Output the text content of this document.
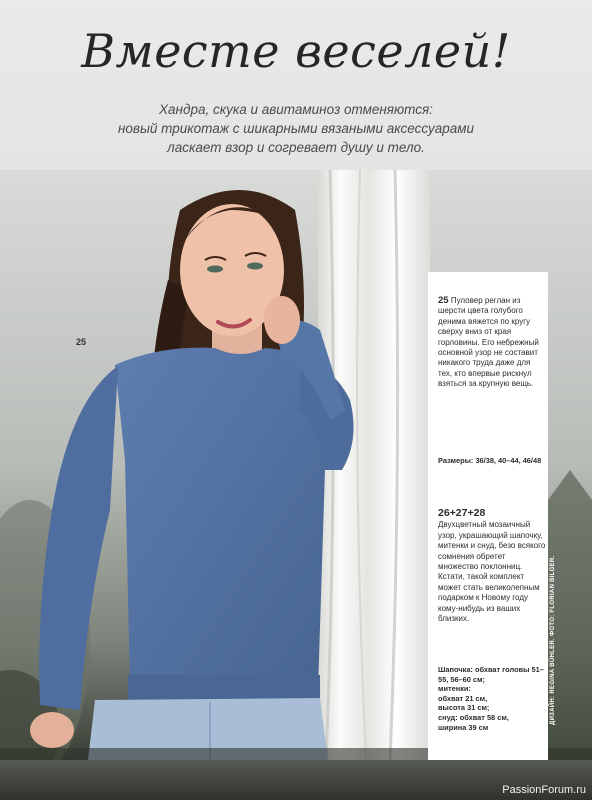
Вместе веселей!
Хандра, скука и авитаминоз отменяются:
новый трикотаж с шикарными вязаными аксессуарами
ласкает взор и согревает душу и тело.
25
25 Пуловер реглан из шерсти цвета голубого денима вяжется по кругу сверху вниз от края горловины. Его небрежный основной узор не составит никакого труда даже для тех, кто впервые рискнул взяться за крупную вещь.
Размеры: 36/38, 40–44, 46/48
26+27+28
Двухцветный мозаичный узор, украшающий шапочку, митенки и снуд, безо всякого сомнения обретет множество поклонниц. Кстати, такой комплект может стать великолепным подарком к Новому году кому-нибудь из ваших близких.
Шапочка: обхват головы 51–55, 56–60 см;
митенки:
обхват 21 см,
высота 31 см;
снуд: обхват 58 см,
ширина 39 см
ДИЗАЙН: REGINA BÜHLER. ФОТО: FLORIAN BILGER.
PassionForum.ru
